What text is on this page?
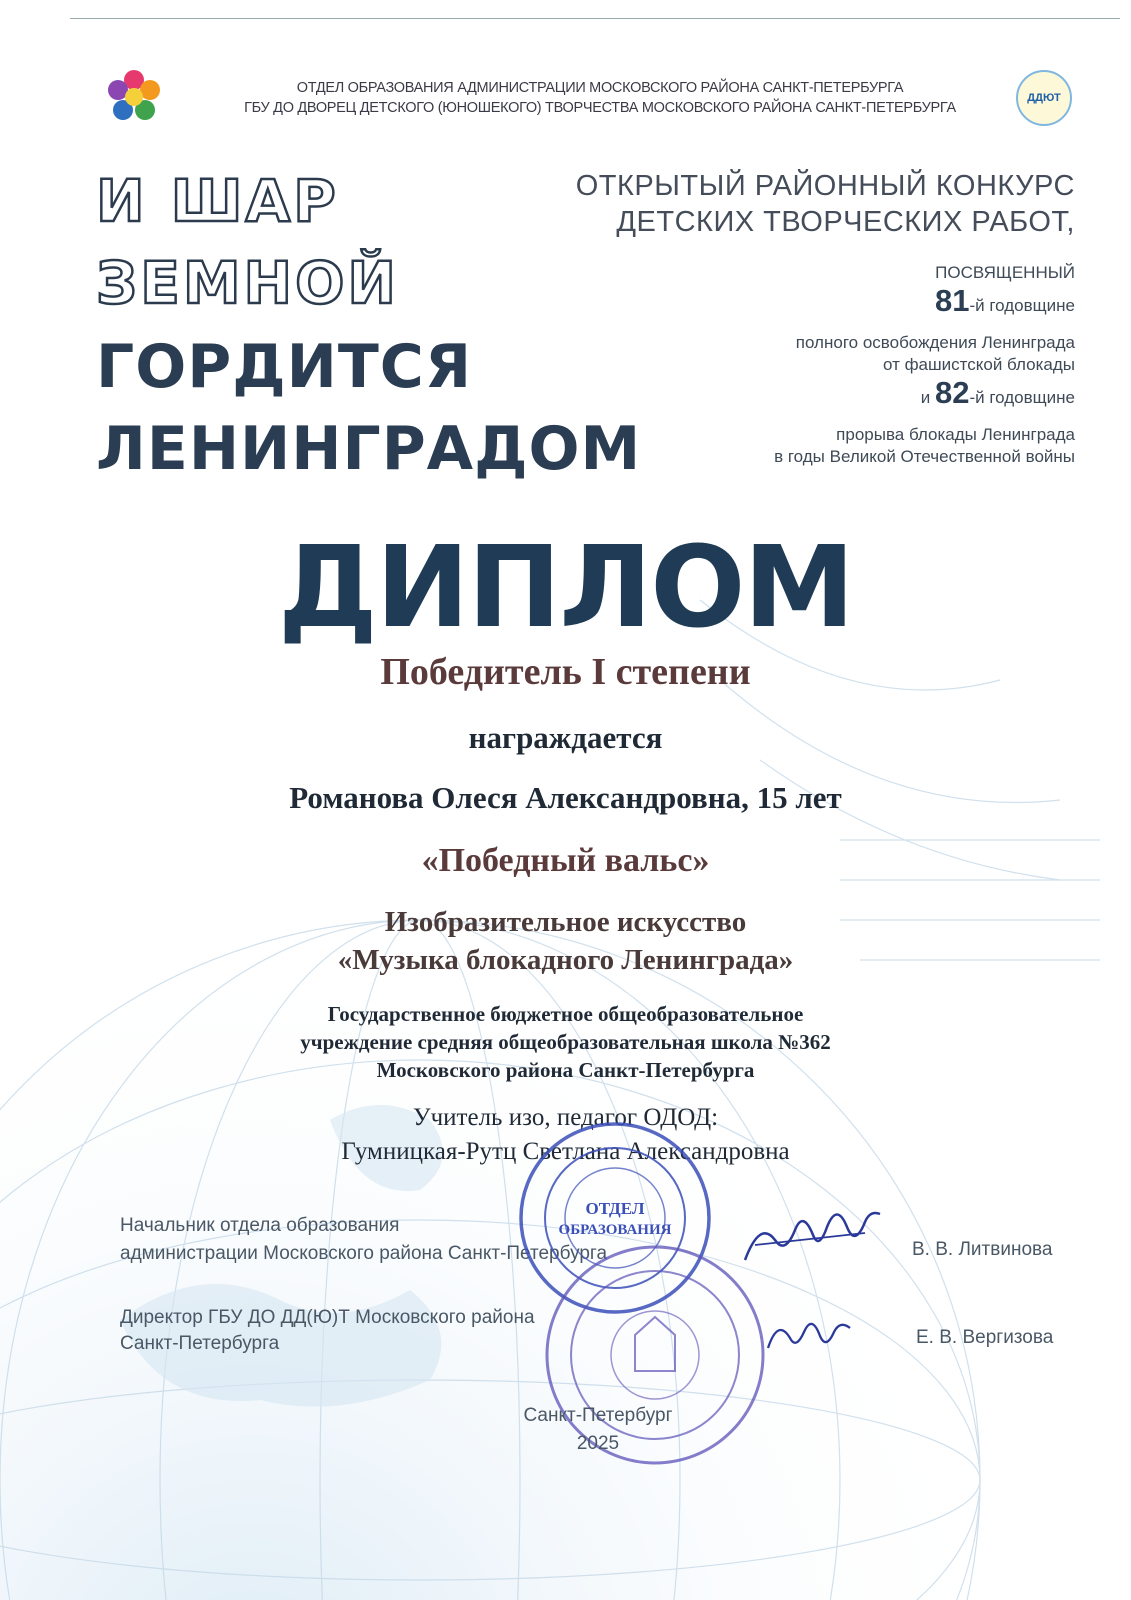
ОТДЕЛ ОБРАЗОВАНИЯ АДМИНИСТРАЦИИ МОСКОВСКОГО РАЙОНА САНКТ-ПЕТЕРБУРГА
ГБУ ДО ДВОРЕЦ ДЕТСКОГО (ЮНОШЕКОГО) ТВОРЧЕСТВА МОСКОВСКОГО РАЙОНА САНКТ-ПЕТЕРБУРГА
ДДЮТ
И ШАР
ЗЕМНОЙ
ГОРДИТСЯ
ЛЕНИНГРАДОМ
ОТКРЫТЫЙ РАЙОННЫЙ КОНКУРС
ДЕТСКИХ ТВОРЧЕСКИХ РАБОТ,
ПОСВЯЩЕННЫЙ
81-й годовщине
полного освобождения Ленинграда
от фашистской блокады
и 82-й годовщине
прорыва блокады Ленинграда
в годы Великой Отечественной войны
ДИПЛОМ
Победитель I степени
награждается
Романова Олеся Александровна, 15 лет
«Победный вальс»
Изобразительное искусство
«Музыка блокадного Ленинграда»
Государственное бюджетное общеобразовательное
учреждение средняя общеобразовательная школа №362
Московского района Санкт-Петербурга
Учитель изо, педагог ОДОД:
Гумницкая-Рутц Светлана Александровна
Начальник отдела образования
администрации Московского района Санкт-Петербурга	В. В. Литвинова
Директор ГБУ ДО ДД(Ю)Т Московского района
Санкт-Петербурга	Е. В. Вергизова
ОТДЕЛ
ОБРАЗОВАНИЯ
Санкт-Петербург
2025
